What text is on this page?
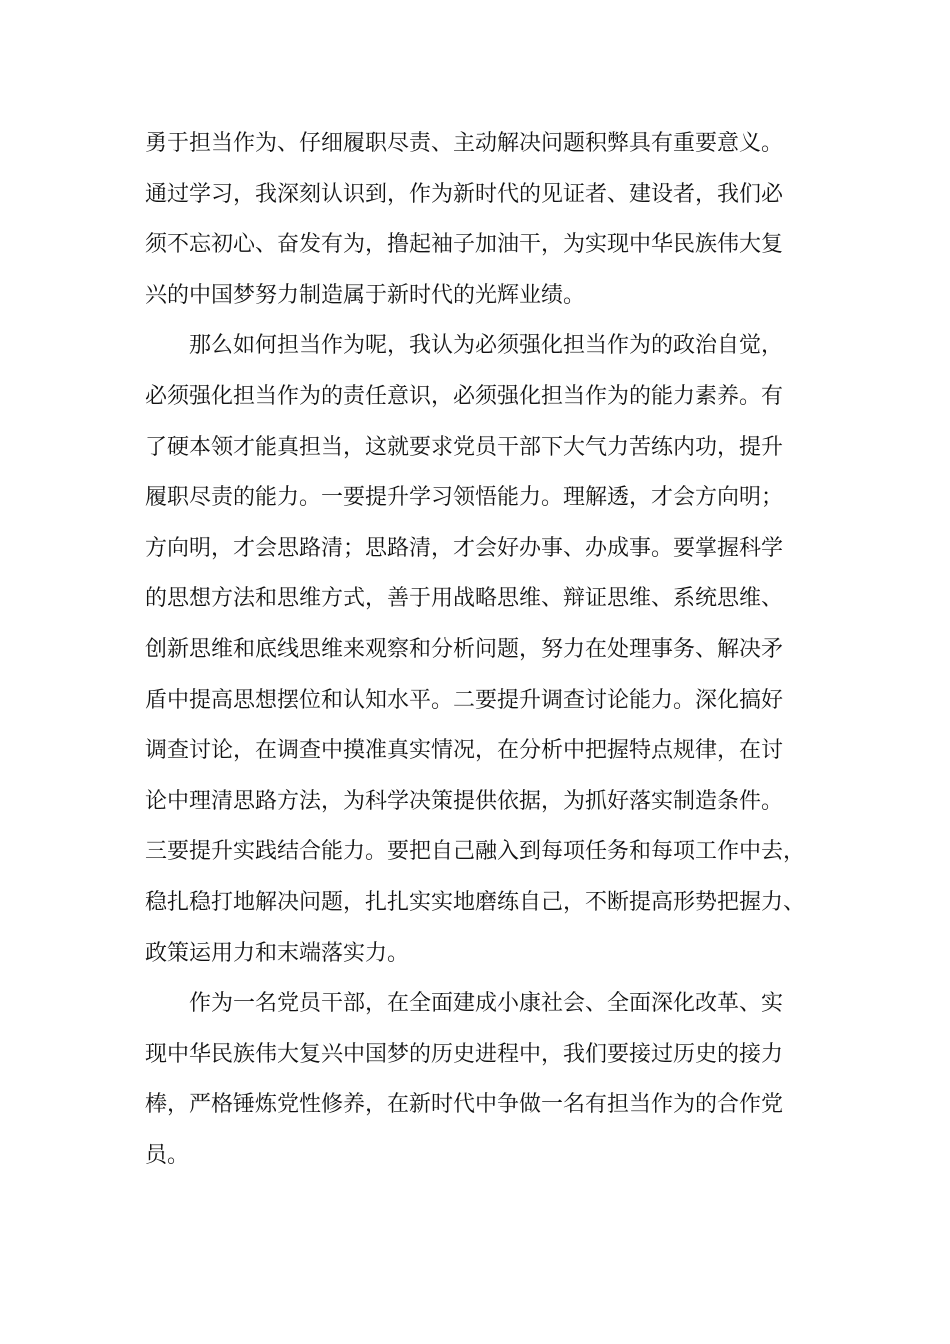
勇于担当作为、仔细履职尽责、主动解决问题积弊具有重要意义。
通过学习，我深刻认识到，作为新时代的见证者、建设者，我们必
须不忘初心、奋发有为，撸起袖子加油干，为实现中华民族伟大复
兴的中国梦努力制造属于新时代的光辉业绩。
那么如何担当作为呢，我认为必须强化担当作为的政治自觉，
必须强化担当作为的责任意识，必须强化担当作为的能力素养。有
了硬本领才能真担当，这就要求党员干部下大气力苦练内功，提升
履职尽责的能力。一要提升学习领悟能力。理解透，才会方向明；
方向明，才会思路清；思路清，才会好办事、办成事。要掌握科学
的思想方法和思维方式，善于用战略思维、辩证思维、系统思维、
创新思维和底线思维来观察和分析问题，努力在处理事务、解决矛
盾中提高思想摆位和认知水平。二要提升调查讨论能力。深化搞好
调查讨论，在调查中摸准真实情况，在分析中把握特点规律，在讨
论中理清思路方法，为科学决策提供依据，为抓好落实制造条件。
三要提升实践结合能力。要把自己融入到每项任务和每项工作中去，
稳扎稳打地解决问题，扎扎实实地磨练自己，不断提高形势把握力、
政策运用力和末端落实力。
作为一名党员干部，在全面建成小康社会、全面深化改革、实
现中华民族伟大复兴中国梦的历史进程中，我们要接过历史的接力
棒，严格锤炼党性修养，在新时代中争做一名有担当作为的合作党
员。
